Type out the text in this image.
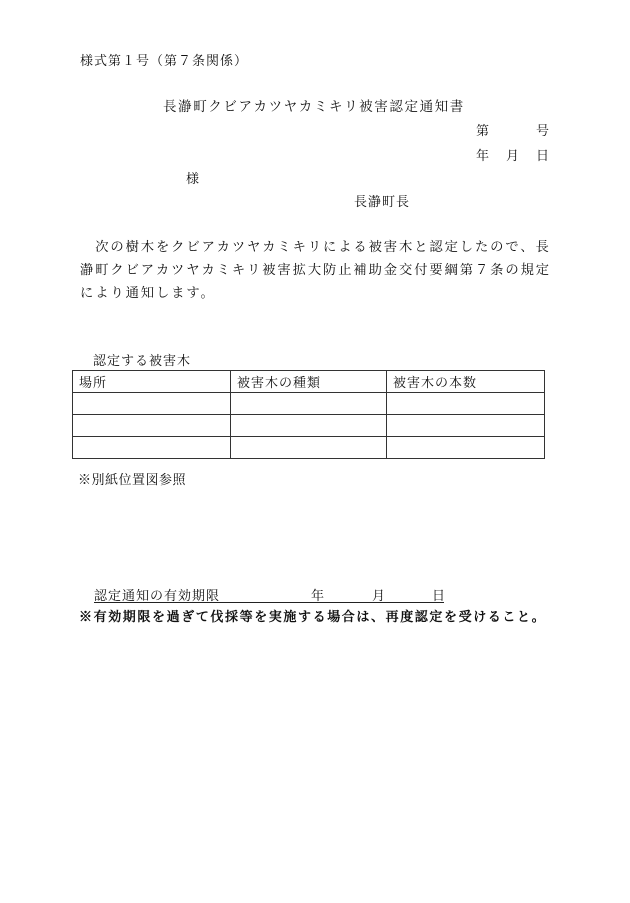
様式第１号（第７条関係）
長瀞町クビアカツヤカミキリ被害認定通知書
第	号
年 月 日
様
長瀞町長
　次の樹木をクビアカツヤカミキリによる被害木と認定したので、長
瀞町クビアカツヤカミキリ被害拡大防止補助金交付要綱第７条の規定
により通知します。
認定する被害木
場所	被害木の種類	被害木の本数

※別紙位置図参照
認定通知の有効期限	年	月	日
※有効期限を過ぎて伐採等を実施する場合は、再度認定を受けること。
